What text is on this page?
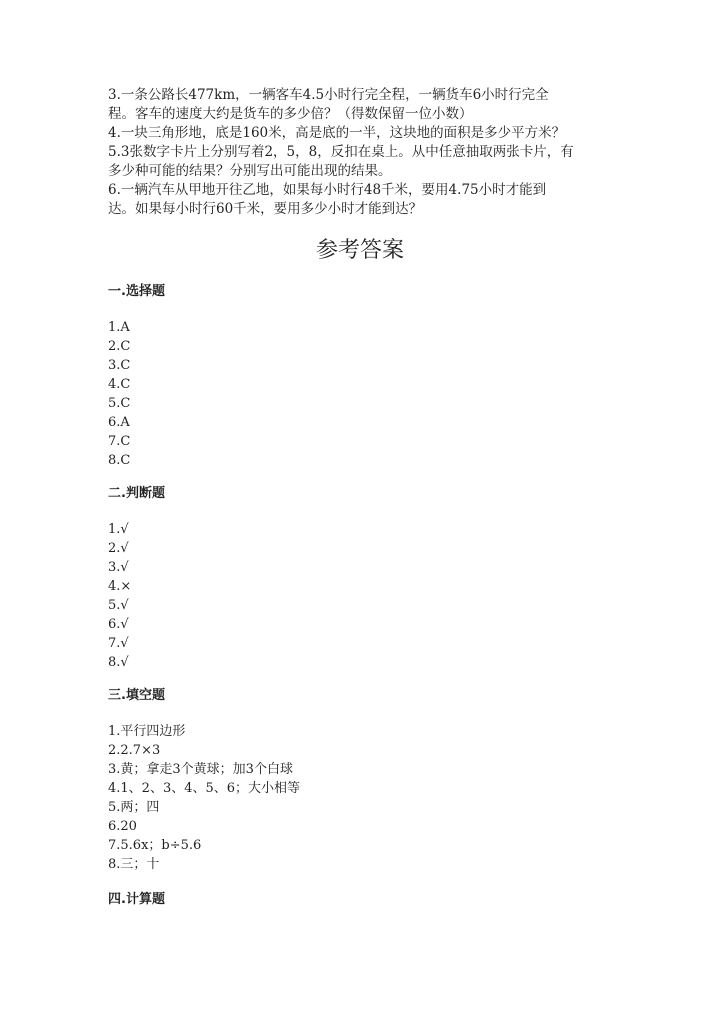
3.一条公路长477km，一辆客车4.5小时行完全程，一辆货车6小时行完全
程。客车的速度大约是货车的多少倍？（得数保留一位小数）
4.一块三角形地，底是160米，高是底的一半，这块地的面积是多少平方米？
5.3张数字卡片上分别写着2，5，8，反扣在桌上。从中任意抽取两张卡片，有
多少种可能的结果？分别写出可能出现的结果。
6.一辆汽车从甲地开往乙地，如果每小时行48千米，要用4.75小时才能到
达。如果每小时行60千米，要用多少小时才能到达？
参考答案
一.选择题
1.A
2.C
3.C
4.C
5.C
6.A
7.C
8.C
二.判断题
1.√
2.√
3.√
4.×
5.√
6.√
7.√
8.√
三.填空题
1.平行四边形
2.2.7×3
3.黄；拿走3个黄球；加3个白球
4.1、2、3、4、5、6；大小相等
5.两；四
6.20
7.5.6x；b÷5.6
8.三；十
四.计算题
